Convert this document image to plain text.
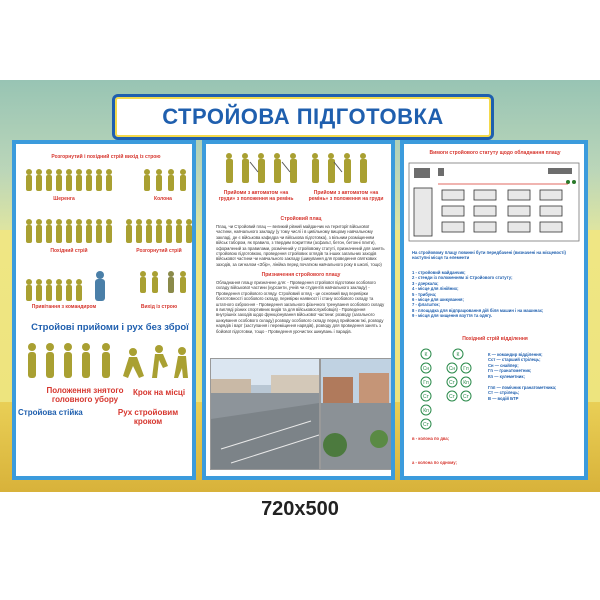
СТРОЙОВА ПІДГОТОВКА
Розгорнутий і похідний стрій вихід із строю
Шеренга	Колона
Похідний стрій	Розгорнутий стрій
Привітання з командиром	Вихід із строю
Стройові прийоми і рух без зброї
Положення знятого головного убору
Крок на місці
Стройова стійка	Рух стройовим кроком
Прийоми з автоматом «на груди» з положення на ремінь
Прийоми з автоматом «на ремінь» з положення на груди
Стройовий плац
Плац, чи Стройовий плац — великий рівний майданчик на території військової частини, навчального закладу (у тому числі і в цивільному вищому навчальному закладі, де є військова кафедра чи військова підготовка), з вільним розміщенням військ табором, як правило, з твердим покриттям (асфальт, бетон, бетонні плити), оформлений за правилами, розмічений у стройовому статуті, призначений для занять стройовою підготовкою, проведення стройових оглядів та інших загальних заходів військової частини чи навчального закладу (шикування для проведення святкових заходів, за сигналом «Збір», лінійка перед початком навчального року в школі, тощо)
Призначення стройового плацу
Обладнання плацу призначене для: - Проведення стройової підготовки особового складу військової частини (курсанти, учнів чи студентів навчального закладу) - Проведення стройового огляду. Стройовий огляд - це основний вид перевірки боєготовності особового складу, перевірки наявності і стану особового складу та штатного озброєння - Проведення загального фізичного тренування особового складу в вигляді різних спортивних видів та для військовослужбовців) - Проведення внутрішніх заходів щодо функціонування військової частини: розводу (загального шикування особового складу) розводу особового складу перед прийомом їжі, розводу нарядів і варт (заступання і переміщення нарядів), розводу для проведення занять з бойової підготовки, тощо - Проведення урочистих шикувань і парадів.
Вимоги стройового статуту щодо обладнання плацу
На стройовому плацу повинні бути передбачені (визначені на місцевості) наступні місця та елементи
1 - стройовий майданчик;
2 - стенди із положенням зі Стройового статуту;
3 - дзеркала;
4 - місце для лінійних;
5 - трибуна;
6 - місце для шикування;
7 - флагшток;
8 - площадка для відпрацювання дій біля машин і на машинах;
9 - місця для чищення взуття та одягу.
Похідний стрій відділення
К
Сн
Гп
Ст
Кп
Ст
К
Сн Гп
Ст Кп
Ст Ст
К — командир відділення;
Сст — старший стрілець;
Сн — снайпер;
Гп — гранатометник;
Кп — кулеметник;
Гпп — помічник гранатометника;
Ст — стрілець;
В — водій БТР
в - колона по два;
а - колона по одному;
720x500
